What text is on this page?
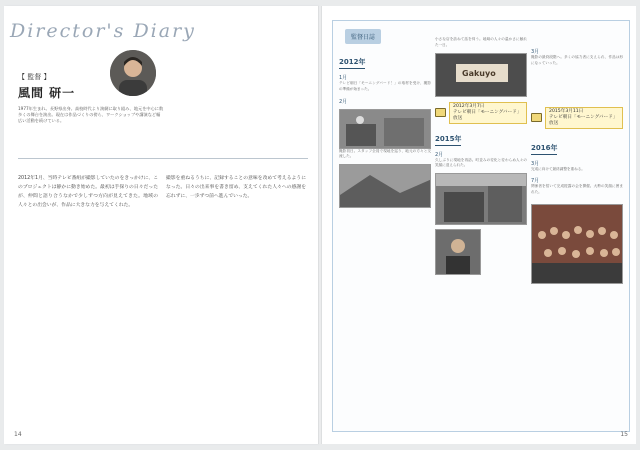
Director's Diary
【 監督 】
風間 研一
1977年生まれ。長野県出身。高校時代より演劇に取り組み、地元を中心に数多くの舞台を演出。現在は作品づくりの傍ら、ワークショップや講演など幅広い活動を続けている。
2012年1月、当時テレビ番組が撮影していたのをきっかけに、このプロジェクトは静かに動き始めた。最初は手探りの日々だったが、仲間と語り合うなかで少しずつ方向が見えてきた。地域の人々との出会いが、作品に大きな力を与えてくれた。
撮影を重ねるうちに、記録することの意味を改めて考えるようになった。日々の出来事を書き留め、支えてくれた人々への感謝を忘れずに、一歩ずつ前へ進んでいった。
14
監督日誌
2012年
1月
テレビ朝日「モーニングバード！」の取材を受け、撮影の準備が始まった。
2月
撮影初日。スタッフ全員で現地を巡り、地元の方々と交流した。
小さな店を訪ねて話を伺う。地域の人々の温かさに触れた一日。
Gakuyo
2012年3月7日
テレビ朝日「モーニングバード」放送
2015年
2月
久しぶりに現地を再訪。町並みの変化と変わらぬ人々の笑顔に迎えられた。
3月
撮影の最終段階へ。多くの協力者に支えられ、作品は形になっていった。
2015年3月11日
テレビ朝日「モーニングバード」放送
2016年
3月
完成に向けて最終調整を重ねる。
7月
関係者を招いて完成披露の会を開催。大勢の笑顔に囲まれた。
15
